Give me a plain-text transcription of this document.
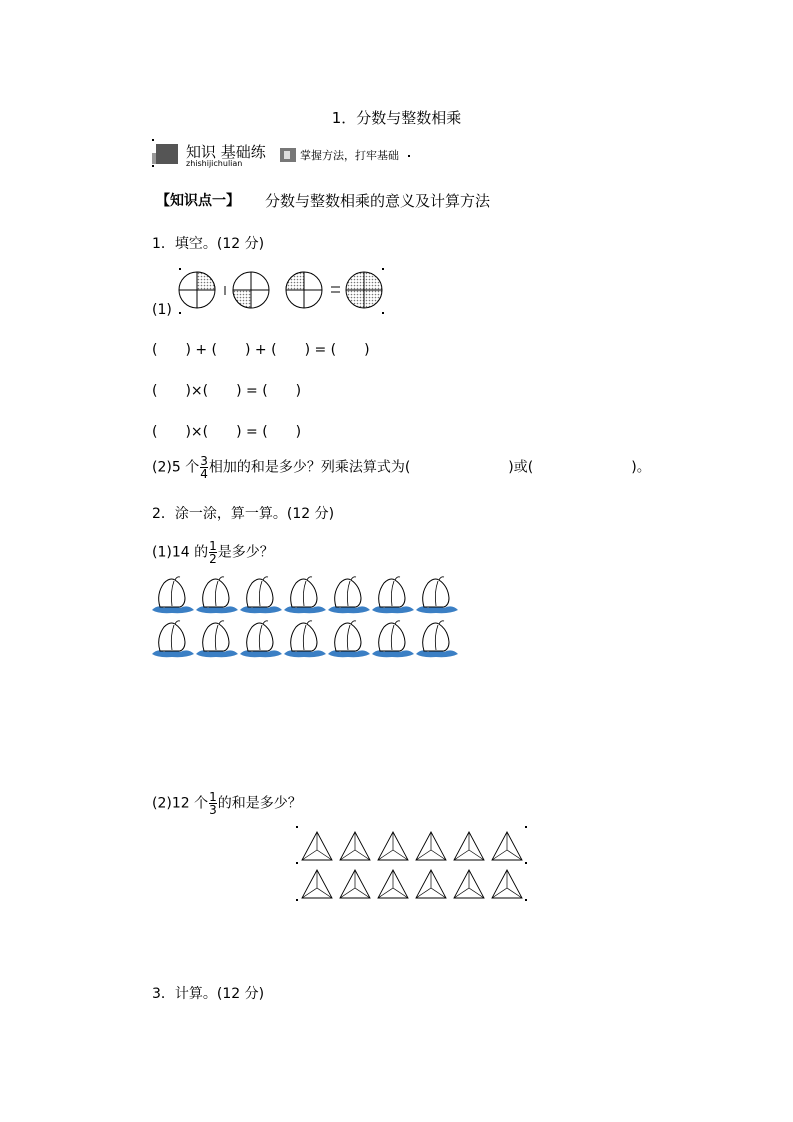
1．分数与整数相乘
知识 基础练
zhishijichulian
掌握方法，打牢基础
【知识点一】 分数与整数相乘的意义及计算方法
1．填空。(12 分)
(1)
(　　) + (　　) + (　　) = (　　)
(　　)×(　　) = (　　)
(　　)×(　　) = (　　)
(2)5 个 $\frac{3}{4}$ 相加的和是多少？列乘法算式为(　　　　　　　)或(　　　　　　　)。
2．涂一涂，算一算。(12 分)
(1)14 的 $\frac{1}{2}$ 是多少？
(2)12 个 $\frac{1}{3}$ 的和是多少？
3．计算。(12 分)
